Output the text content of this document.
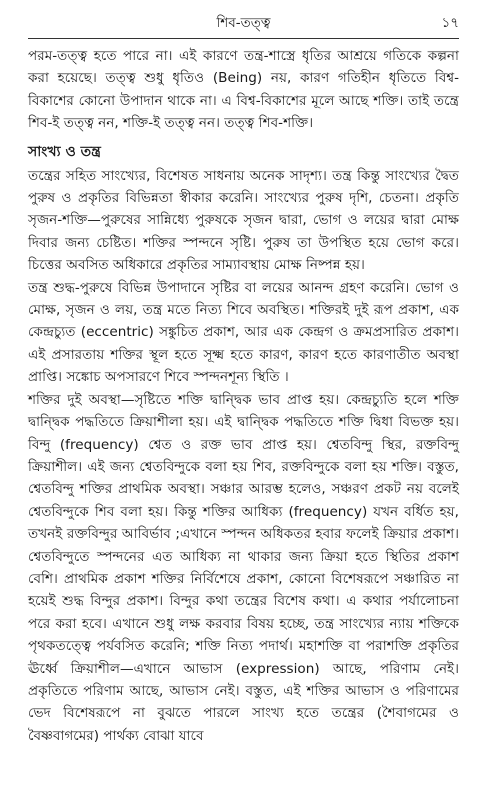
শিব-তত্ত্ব	১৭

পরম-তত্ত্ব হতে পারে না। এই কারণে তন্ত্র-শাস্ত্রে ধৃতির আশ্রয়ে গতিকে কল্পনা করা হয়েছে। তত্ত্ব শুধু ধৃতিও (Being) নয়, কারণ গতিহীন ধৃতিতে বিশ্ব-বিকাশের কোনো উপাদান থাকে না। এ বিশ্ব-বিকাশের মূলে আছে শক্তি। তাই তন্ত্রে শিব-ই তত্ত্ব নন, শক্তি-ই তত্ত্ব নন। তত্ত্ব শিব-শক্তি।

সাংখ্য ও তন্ত্র

তন্ত্রের সহিত সাংখ্যের, বিশেষত সাধনায় অনেক সাদৃশ্য। তন্ত্র কিন্তু সাংখ্যের দ্বৈত পুরুষ ও প্রকৃতির বিভিন্নতা স্বীকার করেনি। সাংখ্যের পুরুষ দৃশি, চেতনা। প্রকৃতি সৃজন-শক্তি—পুরুষের সান্নিধ্যে পুরুষকে সৃজন দ্বারা, ভোগ ও লয়ের দ্বারা মোক্ষ দিবার জন্য চেষ্টিত। শক্তির স্পন্দনে সৃষ্টি। পুরুষ তা উপস্থিত হয়ে ভোগ করে। চিত্তের অবসিত অধিকারে প্রকৃতির সাম্যাবস্থায় মোক্ষ নিষ্পন্ন হয়।

তন্ত্র শুদ্ধ-পুরুষে বিভিন্ন উপাদানে সৃষ্টির বা লয়ের আনন্দ গ্রহণ করেনি। ভোগ ও মোক্ষ, সৃজন ও লয়, তন্ত্র মতে নিত্য শিবে অবস্থিত। শক্তিরই দুই রূপ প্রকাশ, এক কেন্দ্রচ্যুত (eccentric) সঙ্কুচিত প্রকাশ, আর এক কেন্দ্রগ ও ক্রমপ্রসারিত প্রকাশ। এই প্রসারতায় শক্তির স্থূল হতে সূক্ষ্ম হতে কারণ, কারণ হতে কারণাতীত অবস্থা প্রাপ্তি। সঙ্কোচ অপসারণে শিবে স্পন্দনশূন্য স্থিতি ।

শক্তির দুই অবস্থা—সৃষ্টিতে শক্তি দ্বান্দ্বিক ভাব প্রাপ্ত হয়। কেন্দ্রচ্যুতি হলে শক্তি দ্বান্দ্বিক পদ্ধতিতে ক্রিয়াশীলা হয়। এই দ্বান্দ্বিক পদ্ধতিতে শক্তি দ্বিধা বিভক্ত হয়। বিন্দু (frequency) শ্বেত ও রক্ত ভাব প্রাপ্ত হয়। শ্বেতবিন্দু স্থির, রক্তবিন্দু ক্রিয়াশীল। এই জন্য শ্বেতবিন্দুকে বলা হয় শিব, রক্তবিন্দুকে বলা হয় শক্তি। বস্তুত, শ্বেতবিন্দু শক্তির প্রাথমিক অবস্থা। সঞ্চার আরম্ভ হলেও, সঞ্চরণ প্রকট নয় বলেই শ্বেতবিন্দুকে শিব বলা হয়। কিন্তু শক্তির আধিক্য (frequency) যখন বর্ধিত হয়, তখনই রক্তবিন্দুর আবির্ভাব ;এখানে স্পন্দন অধিকতর হবার ফলেই ক্রিয়ার প্রকাশ। শ্বেতবিন্দুতে স্পন্দনের এত আধিক্য না থাকার জন্য ক্রিয়া হতে স্থিতির প্রকাশ বেশি। প্রাথমিক প্রকাশ শক্তির নির্বিশেষে প্রকাশ, কোনো বিশেষরূপে সঞ্চারিত না হয়েই শুদ্ধ বিন্দুর প্রকাশ। বিন্দুর কথা তন্ত্রের বিশেষ কথা। এ কথার পর্যালোচনা পরে করা হবে। এখানে শুধু লক্ষ করবার বিষয় হচ্ছে, তন্ত্র সাংখ্যের ন্যায় শক্তিকে পৃথকতত্ত্বে পর্যবসিত করেনি; শক্তি নিত্য পদার্থ। মহাশক্তি বা পরাশক্তি প্রকৃতির ঊর্ধ্বে ক্রিয়াশীল—এখানে আভাস (expression) আছে, পরিণাম নেই। প্রকৃতিতে পরিণাম আছে, আভাস নেই। বস্তুত, এই শক্তির আভাস ও পরিণামের ভেদ বিশেষরূপে না বুঝতে পারলে সাংখ্য হতে তন্ত্রের (শৈবাগমের ও বৈষ্ণবাগমের) পার্থক্য বোঝা যাবে
